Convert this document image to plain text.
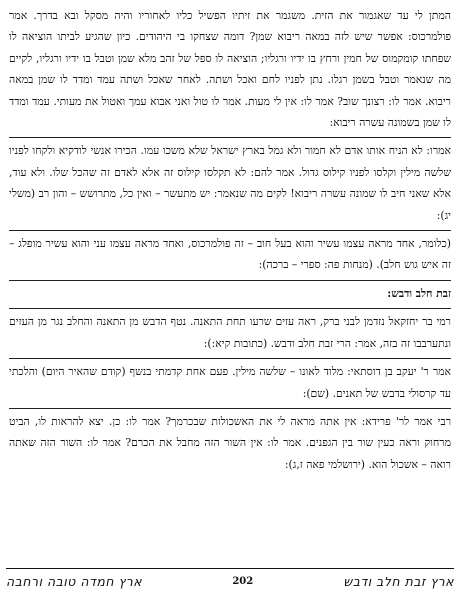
המתן לי עד שאגמור את הזית. משגמר את זיתיו הפשיל כליו לאחוריו והיה מסקל ובא בדרך. אמר פולמרכוס: אפשר שיש לזה במאה ריבוא שמן? דומה שצחקו בי היהודים. כיון שהגיע לביתו הוציאה לו שפחתו קומקמוס של חמין ורחץ בו ידיו ורגליו; הוציאה לו ספל של זהב מלא שמן וטבל בו ידיו ורגליו, לקיים מה שנאמר וטבל בשמן רגלו. נתן לפניו לחם ואכל ושתה. לאחר שאכל ושתה עמד ומדד לו שמן במאה ריבוא. אמר לו: רצונך שוב? אמר לו: אין לי מעות. אמר לו טול ואני אבוא עמך ואטול את מעותי. עמד ומדד לו שמן בשמונה עשרה ריבוא:

אמרו: לא הניח אותו אדם לא חמור ולא גמל בארץ ישראל שלא משכו עמו. הכירו אנשי לודקיא ולקחו לפניו שלשה מילין וקלסו לפניו קילוס גדול. אמר להם: לא תקלסו קילוס זה אלא לאדם זה שהכל שלו. ולא עוד, אלא שאני חיב לו שמונה עשרה ריבוא! לקים מה שנאמר: יש מתעשר – ואין כל, מתרושש – והון רב (משלי יג):

(כלומר, אחד מראה עצמו עשיר והוא בעל חוב – זה פולמרכוס, ואחד מראה עצמו עני והוא עשיר מופלג – זה איש גוש חלב). (מנחות פה: ספרי – ברכה):

זבת חלב ודבש:

רמי בר יחזקאל נזדמן לבני ברק, ראה עזים שרעו תחת התאנה. נטף הדבש מן התאנה והחלב נגר מן העזים ונתערבבו זה בזה, אמר: הרי זבת חלב ודבש. (כתובות קיא:):

אמר ר' יעקב בן דוסתאי: מלוד לאונו – שלשה מילין. פעם אחת קדמתי בנשף (קודם שהאיר היום) והלכתי עד קרסולי בדבש של תאנים. (שם):

רבי אמר לר' פרידא: אין אתה מראה לי את האשכולות שבכרמך? אמר לו: כן. יצא להראות לו, הביט מרחוק וראה כעין שור בין הגפנים. אמר לו: אין השור הזה מחבל את הכרם? אמר לו: השור הזה שאתה רואה – אשכול הוא. (ירושלמי פאה ז,ג):

ארץ זבת חלב ודבש
202
ארץ חמדה טובה ורחבה
